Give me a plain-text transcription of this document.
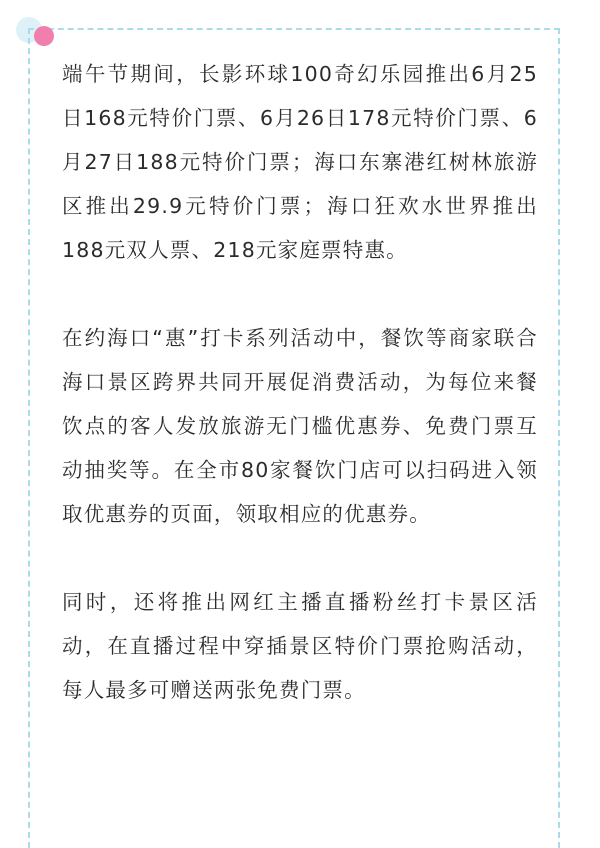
端午节期间，长影环球100奇幻乐园推出6月25日168元特价门票、6月26日178元特价门票、6月27日188元特价门票；海口东寨港红树林旅游区推出29.9元特价门票；海口狂欢水世界推出188元双人票、218元家庭票特惠。

在约海口“惠”打卡系列活动中，餐饮等商家联合海口景区跨界共同开展促消费活动，为每位来餐饮点的客人发放旅游无门槛优惠券、免费门票互动抽奖等。在全市80家餐饮门店可以扫码进入领取优惠券的页面，领取相应的优惠券。

同时，还将推出网红主播直播粉丝打卡景区活动，在直播过程中穿插景区特价门票抢购活动，每人最多可赠送两张免费门票。
